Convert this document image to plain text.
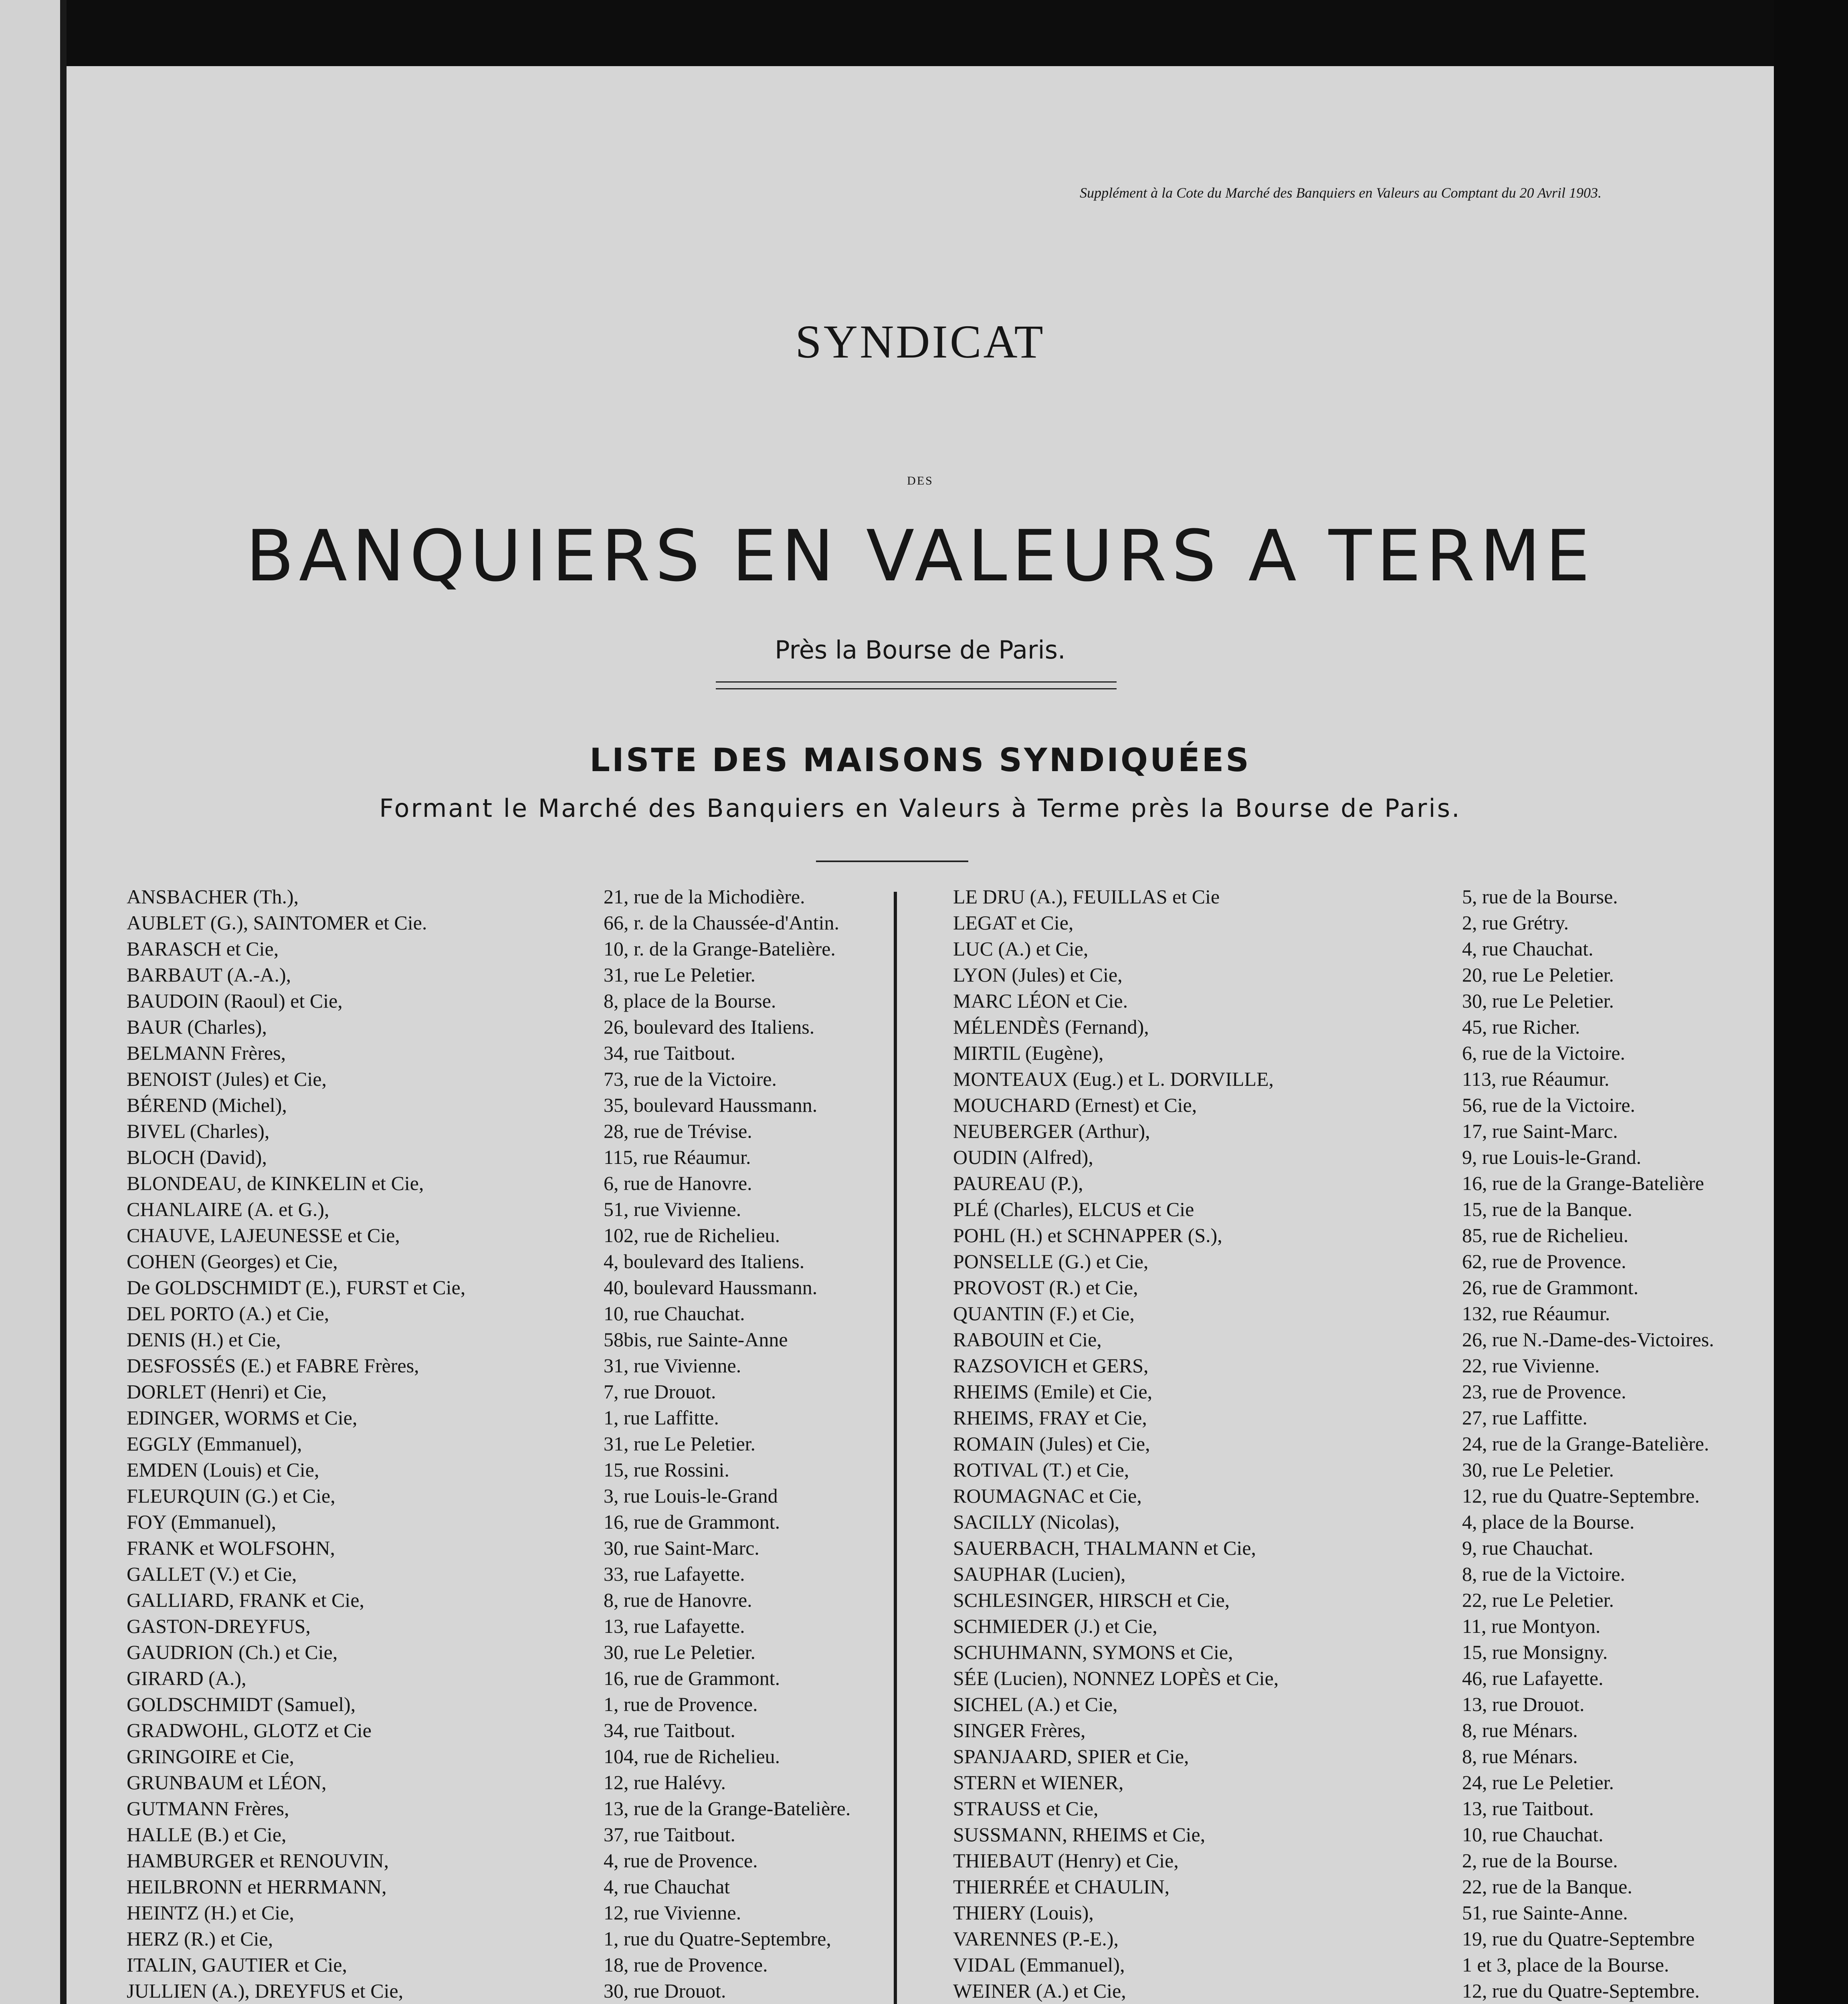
Supplément à la Cote du Marché des Banquiers en Valeurs au Comptant du 20 Avril 1903.
SYNDICAT
DES
BANQUIERS EN VALEURS A TERME
Près la Bourse de Paris.
LISTE DES MAISONS SYNDIQUÉES
Formant le Marché des Banquiers en Valeurs à Terme près la Bourse de Paris.
ANSBACHER (Th.),	21, rue de la Michodière.
AUBLET (G.), SAINTOMER et Cie.	66, r. de la Chaussée-d'Antin.
BARASCH et Cie,	10, r. de la Grange-Batelière.
BARBAUT (A.-A.),	31, rue Le Peletier.
BAUDOIN (Raoul) et Cie,	8, place de la Bourse.
BAUR (Charles),	26, boulevard des Italiens.
BELMANN Frères,	34, rue Taitbout.
BENOIST (Jules) et Cie,	73, rue de la Victoire.
BÉREND (Michel),	35, boulevard Haussmann.
BIVEL (Charles),	28, rue de Trévise.
BLOCH (David),	115, rue Réaumur.
BLONDEAU, de KINKELIN et Cie,	6, rue de Hanovre.
CHANLAIRE (A. et G.),	51, rue Vivienne.
CHAUVE, LAJEUNESSE et Cie,	102, rue de Richelieu.
COHEN (Georges) et Cie,	4, boulevard des Italiens.
De GOLDSCHMIDT (E.), FURST et Cie,	40, boulevard Haussmann.
DEL PORTO (A.) et Cie,	10, rue Chauchat.
DENIS (H.) et Cie,	58bis, rue Sainte-Anne
DESFOSSÉS (E.) et FABRE Frères,	31, rue Vivienne.
DORLET (Henri) et Cie,	7, rue Drouot.
EDINGER, WORMS et Cie,	1, rue Laffitte.
EGGLY (Emmanuel),	31, rue Le Peletier.
EMDEN (Louis) et Cie,	15, rue Rossini.
FLEURQUIN (G.) et Cie,	3, rue Louis-le-Grand
FOY (Emmanuel),	16, rue de Grammont.
FRANK et WOLFSOHN,	30, rue Saint-Marc.
GALLET (V.) et Cie,	33, rue Lafayette.
GALLIARD, FRANK et Cie,	8, rue de Hanovre.
GASTON-DREYFUS,	13, rue Lafayette.
GAUDRION (Ch.) et Cie,	30, rue Le Peletier.
GIRARD (A.),	16, rue de Grammont.
GOLDSCHMIDT (Samuel),	1, rue de Provence.
GRADWOHL, GLOTZ et Cie	34, rue Taitbout.
GRINGOIRE et Cie,	104, rue de Richelieu.
GRUNBAUM et LÉON,	12, rue Halévy.
GUTMANN Frères,	13, rue de la Grange-Batelière.
HALLE (B.) et Cie,	37, rue Taitbout.
HAMBURGER et RENOUVIN,	4, rue de Provence.
HEILBRONN et HERRMANN,	4, rue Chauchat
HEINTZ (H.) et Cie,	12, rue Vivienne.
HERZ (R.) et Cie,	1, rue du Quatre-Septembre,
ITALIN, GAUTIER et Cie,	18, rue de Provence.
JULLIEN (A.), DREYFUS et Cie,	30, rue Drouot.
LE DRU (A.), FEUILLAS et Cie	5, rue de la Bourse.
LEGAT et Cie,	2, rue Grétry.
LUC (A.) et Cie,	4, rue Chauchat.
LYON (Jules) et Cie,	20, rue Le Peletier.
MARC LÉON et Cie.	30, rue Le Peletier.
MÉLENDÈS (Fernand),	45, rue Richer.
MIRTIL (Eugène),	6, rue de la Victoire.
MONTEAUX (Eug.) et L. DORVILLE,	113, rue Réaumur.
MOUCHARD (Ernest) et Cie,	56, rue de la Victoire.
NEUBERGER (Arthur),	17, rue Saint-Marc.
OUDIN (Alfred),	9, rue Louis-le-Grand.
PAUREAU (P.),	16, rue de la Grange-Batelière
PLÉ (Charles), ELCUS et Cie	15, rue de la Banque.
POHL (H.) et SCHNAPPER (S.),	85, rue de Richelieu.
PONSELLE (G.) et Cie,	62, rue de Provence.
PROVOST (R.) et Cie,	26, rue de Grammont.
QUANTIN (F.) et Cie,	132, rue Réaumur.
RABOUIN et Cie,	26, rue N.-Dame-des-Victoires.
RAZSOVICH et GERS,	22, rue Vivienne.
RHEIMS (Emile) et Cie,	23, rue de Provence.
RHEIMS, FRAY et Cie,	27, rue Laffitte.
ROMAIN (Jules) et Cie,	24, rue de la Grange-Batelière.
ROTIVAL (T.) et Cie,	30, rue Le Peletier.
ROUMAGNAC et Cie,	12, rue du Quatre-Septembre.
SACILLY (Nicolas),	4, place de la Bourse.
SAUERBACH, THALMANN et Cie,	9, rue Chauchat.
SAUPHAR (Lucien),	8, rue de la Victoire.
SCHLESINGER, HIRSCH et Cie,	22, rue Le Peletier.
SCHMIEDER (J.) et Cie,	11, rue Montyon.
SCHUHMANN, SYMONS et Cie,	15, rue Monsigny.
SÉE (Lucien), NONNEZ LOPÈS et Cie,	46, rue Lafayette.
SICHEL (A.) et Cie,	13, rue Drouot.
SINGER Frères,	8, rue Ménars.
SPANJAARD, SPIER et Cie,	8, rue Ménars.
STERN et WIENER,	24, rue Le Peletier.
STRAUSS et Cie,	13, rue Taitbout.
SUSSMANN, RHEIMS et Cie,	10, rue Chauchat.
THIEBAUT (Henry) et Cie,	2, rue de la Bourse.
THIERRÉE et CHAULIN,	22, rue de la Banque.
THIERY (Louis),	51, rue Sainte-Anne.
VARENNES (P.-E.),	19, rue du Quatre-Septembre
VIDAL (Emmanuel),	1 et 3, place de la Bourse.
WEINER (A.) et Cie,	12, rue du Quatre-Septembre.
